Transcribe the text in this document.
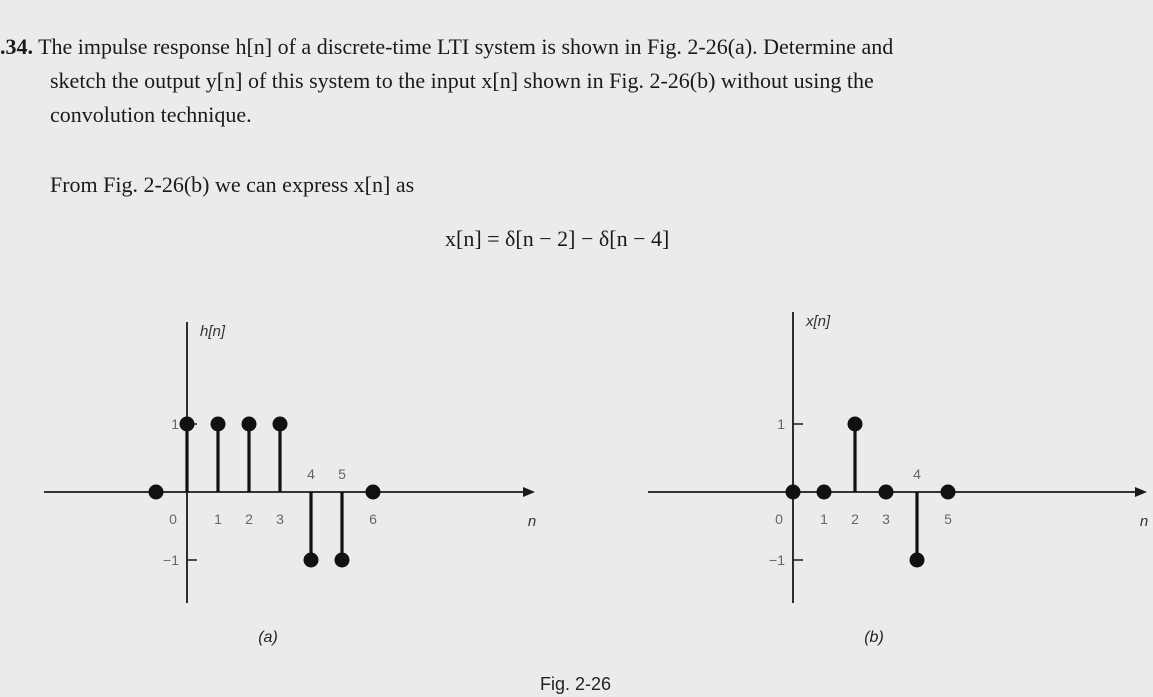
.34. The impulse response h[n] of a discrete-time LTI system is shown in Fig. 2-26(a). Determine and
sketch the output y[n] of this system to the input x[n] shown in Fig. 2-26(b) without using the
convolution technique.
From Fig. 2-26(b) we can express x[n] as
x[n] = δ[n − 2] − δ[n − 4]
1
−1
h[n]
n
0	1 2 3
4 5
6
(a)
1
−1
x[n]
n
0	1 2 3
4
5
(b)
Fig. 2-26
